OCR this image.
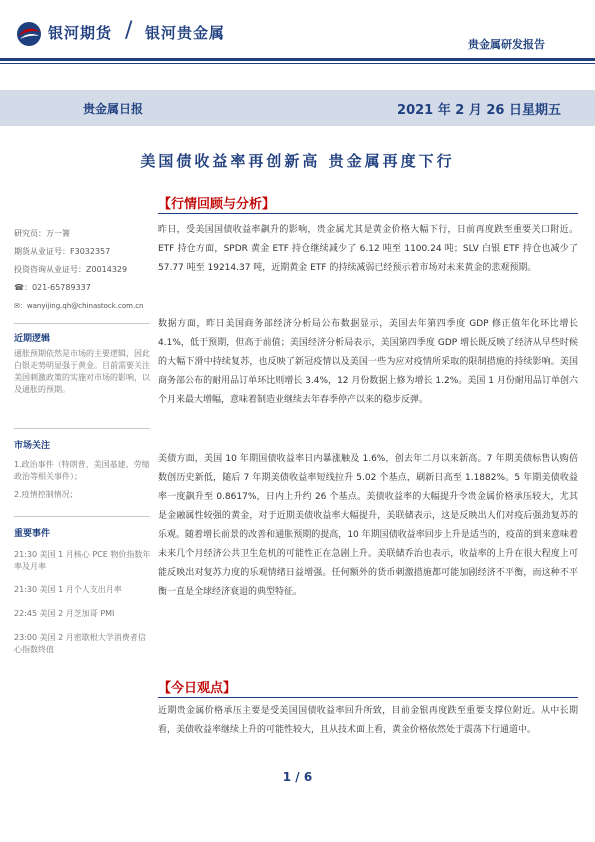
银河期货 / 银河贵金属
贵金属研发报告
贵金属日报	2021 年 2 月 26 日星期五
美国债收益率再创新高 贵金属再度下行
【行情回顾与分析】
昨日，受美国国债收益率飙升的影响，贵金属尤其是黄金价格大幅下行，日前再度跌至重要关口附近。ETF 持仓方面，SPDR 黄金 ETF 持仓继续减少了 6.12 吨至 1100.24 吨；SLV 白银 ETF 持仓也减少了 57.77 吨至 19214.37 吨，近期黄金 ETF 的持续减弱已经预示着市场对未来黄金的悲观预期。
数据方面，昨日美国商务部经济分析局公布数据显示，美国去年第四季度 GDP 修正值年化环比增长 4.1%，低于预期，但高于前值；美国经济分析局表示，美国第四季度 GDP 增长既反映了经济从早些时候的大幅下滑中持续复苏，也反映了新冠疫情以及美国一些为应对疫情所采取的限制措施的持续影响。美国商务部公布的耐用品订单环比则增长 3.4%，12 月份数据上修为增长 1.2%。美国 1 月份耐用品订单创六个月来最大增幅，意味着制造业继续去年春季停产以来的稳步反弹。
美债方面，美国 10 年期国债收益率日内暴涨触及 1.6%，创去年二月以来新高。7 年期美债标售认购倍数创历史新低，随后 7 年期美债收益率短线拉升 5.02 个基点，刷新日高至 1.1882%。5 年期美债收益率一度飙升至 0.8617%，日内上升约 26 个基点。美债收益率的大幅提升令贵金属价格承压较大，尤其是金融属性较强的黄金，对于近期美债收益率大幅提升，美联储表示，这是反映出人们对疫后强劲复苏的乐观。随着增长前景的改善和通胀预期的提高，10 年期国债收益率回步上升是适当的，疫苗的到来意味着未来几个月经济公共卫生危机的可能性正在急剧上升。美联储乔治也表示，收益率的上升在很大程度上可能反映出对复苏力度的乐观情绪日益增强。任何额外的货币刺激措施都可能加剧经济不平衡，而这种不平衡一直是全球经济衰退的典型特征。
【今日观点】
近期贵金属价格承压主要是受美国国债收益率回升所致，目前金银再度跌至重要支撑位附近。从中长期看，美债收益率继续上升的可能性较大，且从技术面上看，黄金价格依然处于震荡下行通道中。
研究员：万一箐
期货从业证号：F3032357
投资咨询从业证号：Z0014329
☎：021-65789337
✉：wanyijing.qh@chinastock.com.cn
近期逻辑
通胀预期依然是市场的主要逻辑，因此白银走势明显强于黄金。目前需要关注美国刺激政策的实施对市场的影响，以及通胀的预期。
市场关注
1.政治事件（特朗普、美国基建、劳缩政治等相关事件）；
2.疫情控制情况；
重要事件
21:30 美国 1 月核心 PCE 物价指数年率及月率
21:30 美国 1 月个人支出月率
22:45 美国 2 月芝加哥 PMI
23:00 美国 2 月密歇根大学消费者信心指数终值
1 / 6
